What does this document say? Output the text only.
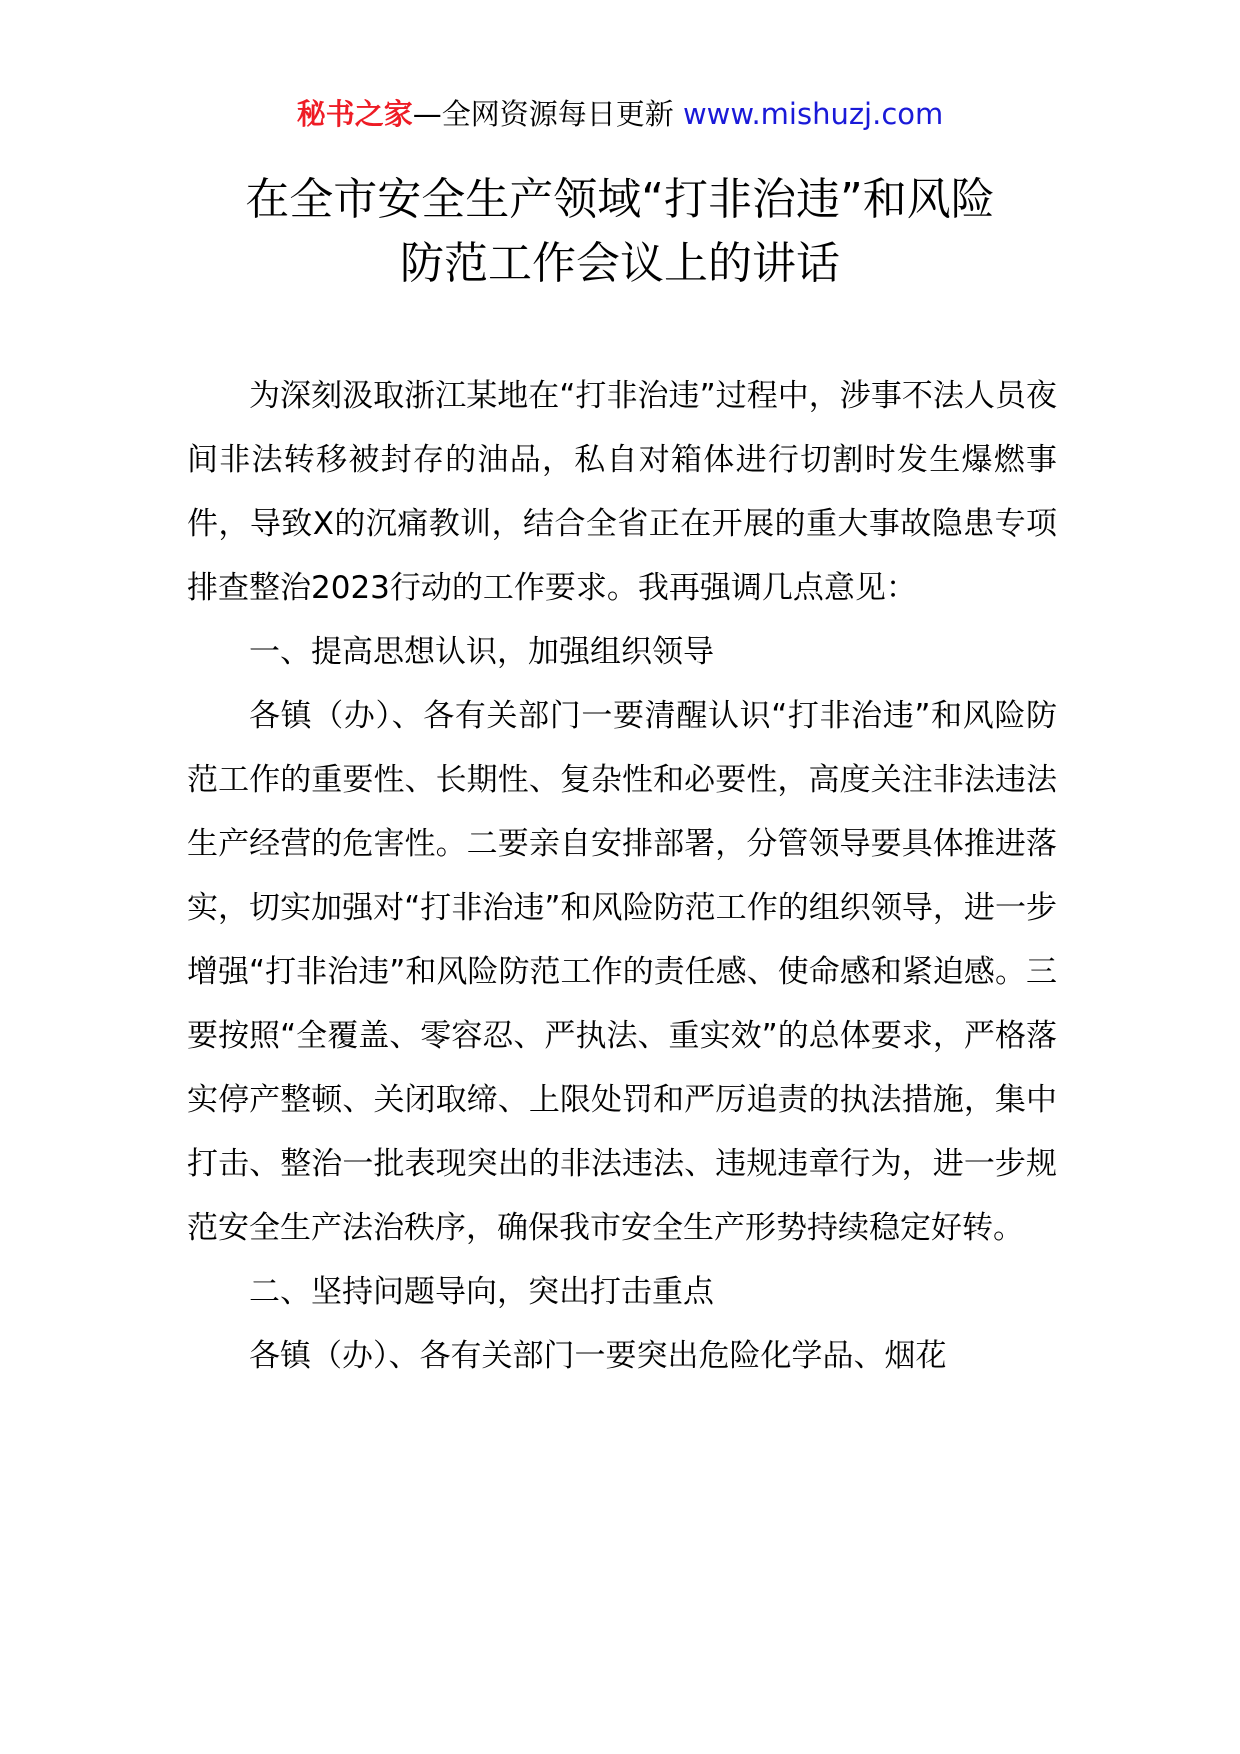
秘书之家—全网资源每日更新 www.mishuzj.com
在全市安全生产领域“打非治违”和风险
防范工作会议上的讲话

为深刻汲取浙江某地在“打非治违”过程中，涉事不法人员夜间非法转移被封存的油品，私自对箱体进行切割时发生爆燃事件，导致X的沉痛教训，结合全省正在开展的重大事故隐患专项排查整治2023行动的工作要求。我再强调几点意见：

一、提高思想认识，加强组织领导

各镇（办）、各有关部门一要清醒认识“打非治违”和风险防范工作的重要性、长期性、复杂性和必要性，高度关注非法违法生产经营的危害性。二要亲自安排部署，分管领导要具体推进落实，切实加强对“打非治违”和风险防范工作的组织领导，进一步增强“打非治违”和风险防范工作的责任感、使命感和紧迫感。三要按照“全覆盖、零容忍、严执法、重实效”的总体要求，严格落实停产整顿、关闭取缔、上限处罚和严厉追责的执法措施，集中打击、整治一批表现突出的非法违法、违规违章行为，进一步规范安全生产法治秩序，确保我市安全生产形势持续稳定好转。

二、坚持问题导向，突出打击重点

各镇（办）、各有关部门一要突出危险化学品、烟花
